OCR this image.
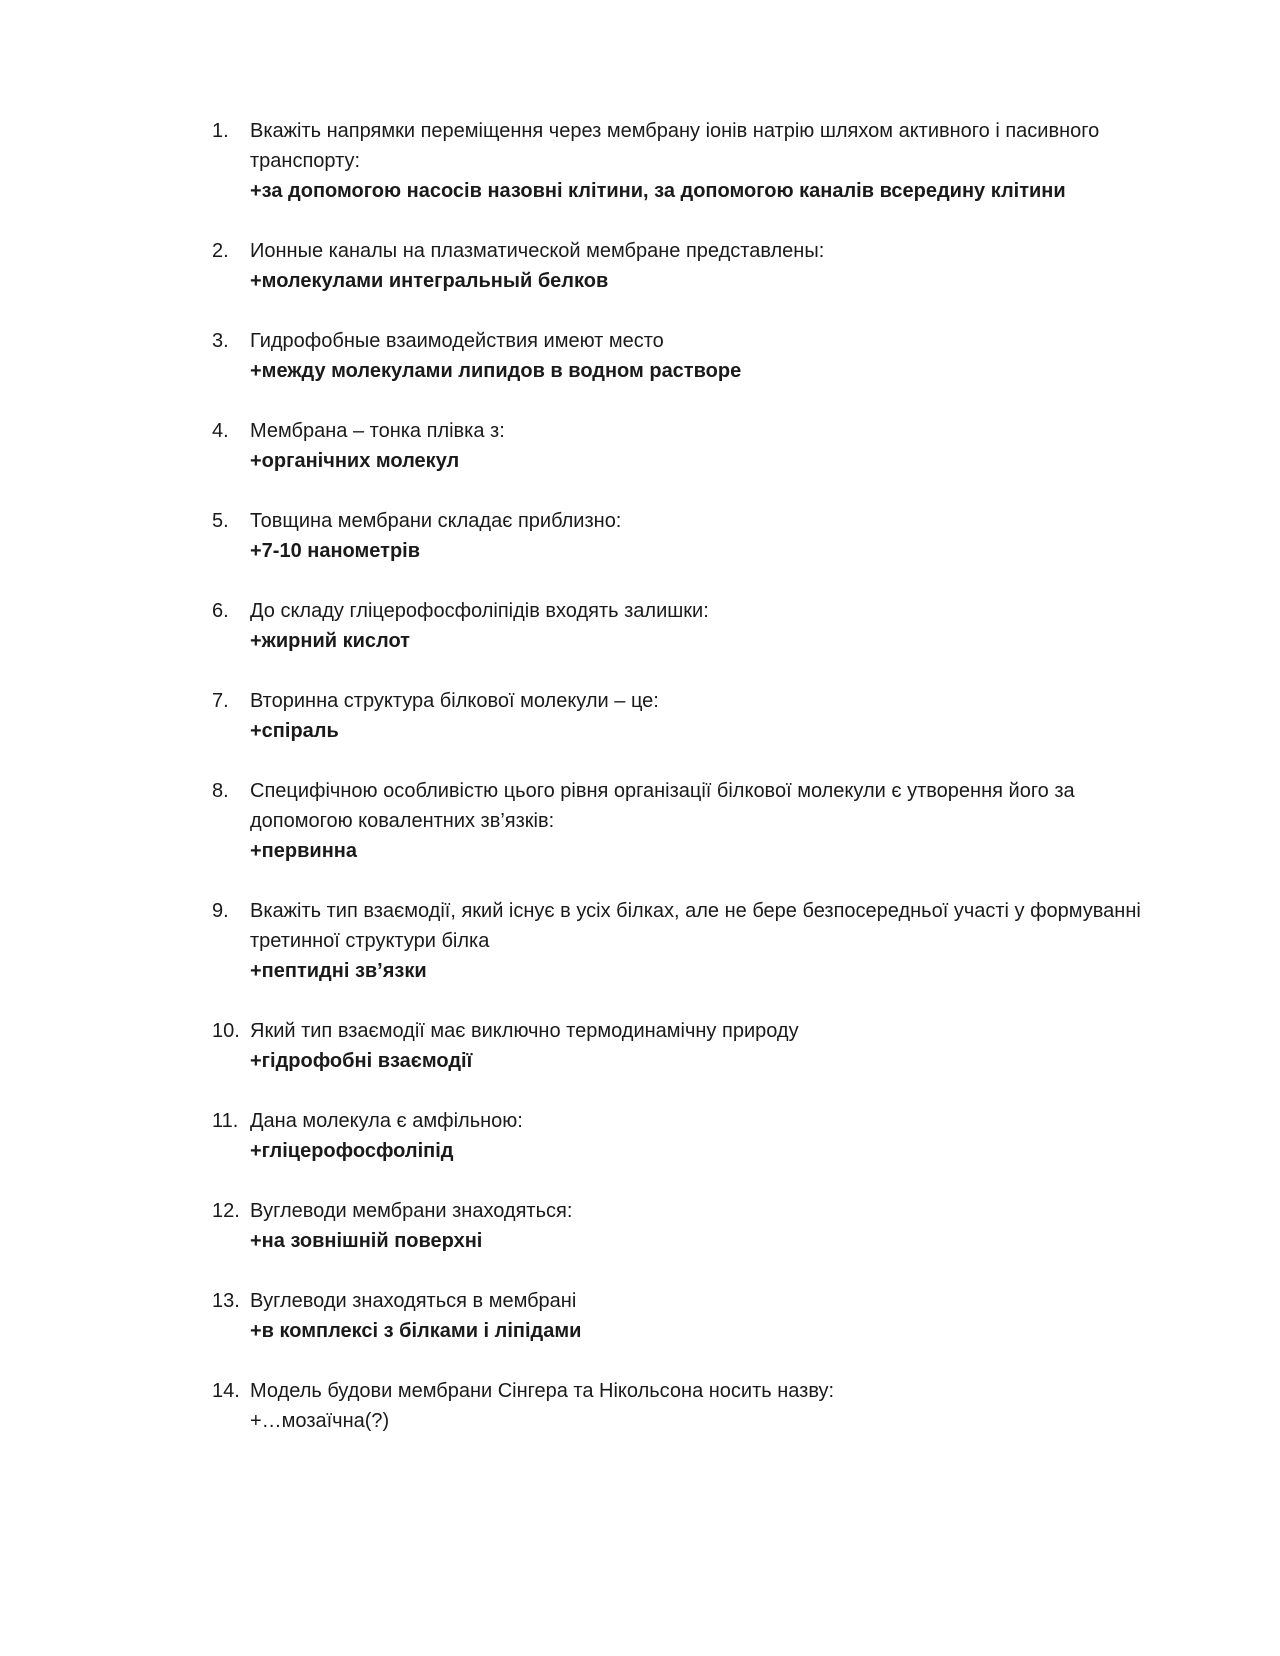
1.	Вкажіть напрямки переміщення через мембрану іонів натрію шляхом активного і пасивного транспорту:
+за допомогою насосів назовні клітини, за допомогою каналів всередину клітини
2.	Ионные каналы на плазматической мембране представлены:
+молекулами интегральный белков
3.	Гидрофобные взаимодействия имеют место
+между молекулами липидов в водном растворе
4.	Мембрана – тонка плівка з:
+органічних молекул
5.	Товщина мембрани складає приблизно:
+7-10 нанометрів
6.	До складу гліцерофосфоліпідів входять залишки:
+жирний кислот
7.	Вторинна структура білкової молекули – це:
+спіраль
8.	Специфічною особливістю цього рівня організації білкової молекули є утворення його за допомогою ковалентних зв’язків:
+первинна
9.	Вкажіть тип взаємодії, який існує в усіх білках, але не бере безпосередньої участі у формуванні третинної структури білка
+пептидні зв’язки
10. Який тип взаємодії має виключно термодинамічну природу
+гідрофобні взаємодії
11. Дана молекула є амфільною:
+гліцерофосфоліпід
12. Вуглеводи мембрани знаходяться:
+на зовнішній поверхні
13. Вуглеводи знаходяться в мембрані
+в комплексі з білками і ліпідами
14. Модель будови мембрани Сінгера та Нікольсона носить назву:
+…мозаїчна(?)
